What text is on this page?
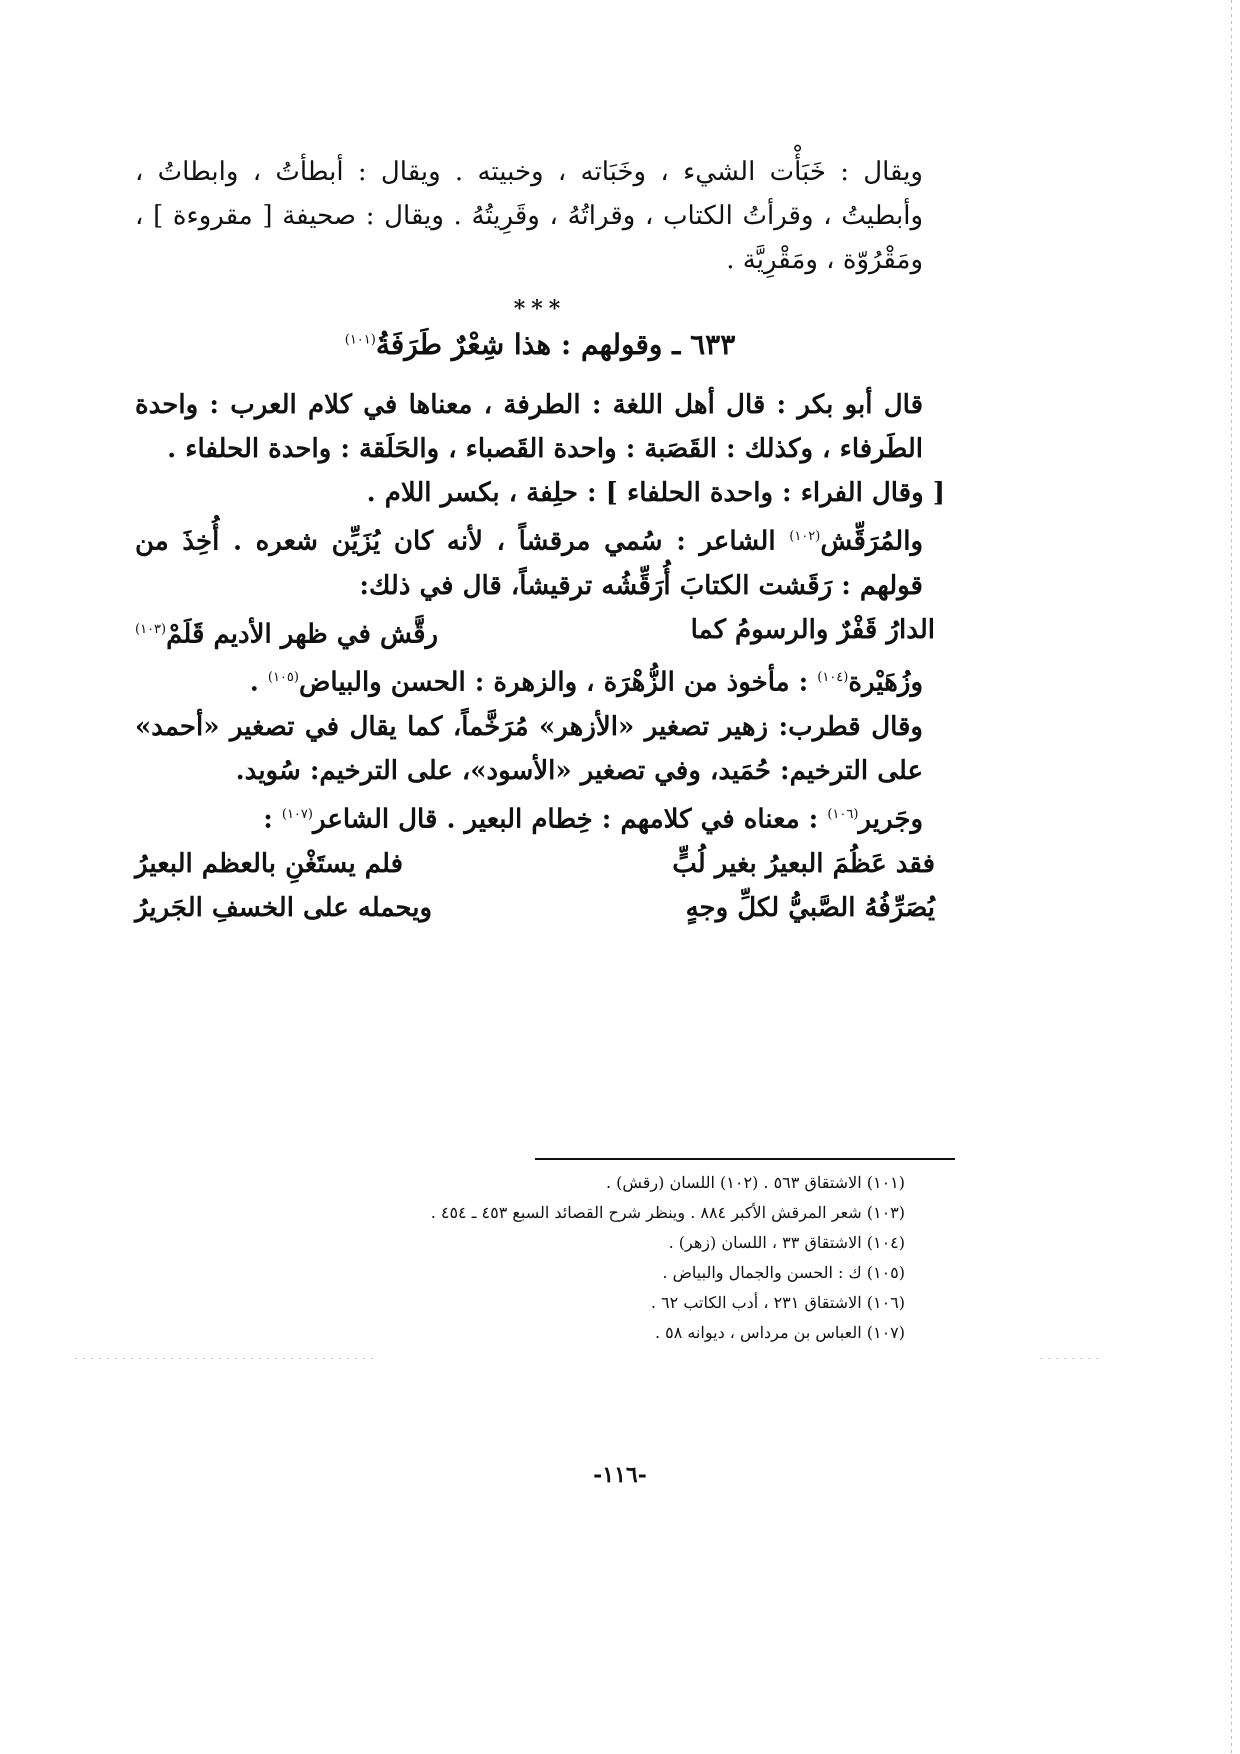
ويقال : خَبَأْت الشيء ، وخَبَاته ، وخبيته . ويقال : أبطأتُ ، وابطاتُ ، وأبطيتُ ، وقرأتُ الكتاب ، وقراتُهُ ، وقَرِيتُهُ . ويقال : صحيفة [ مقروءة ] ، ومَقْرُوّة ، ومَقْرِيَّة .

***
٦٣٣ ـ وقولهم : هذا شِعْرٌ طَرَفَةُ$^{(١٠١)}$

قال أبو بكر : قال أهل اللغة : الطرفة ، معناها في كلام العرب : واحدة الطَرفاء ، وكذلك : القَصَبة : واحدة القَصباء ، والحَلَقة : واحدة الحلفاء .

[ وقال الفراء : واحدة الحلفاء ] : حلِفة ، بكسر اللام .

والمُرَقِّش$^{(١٠٢)}$ الشاعر : سُمي مرقشاً ، لأنه كان يُزَيِّن شعره . أُخِذَ من قولهم : رَقَشت الكتابَ أُرَقِّشُه ترقيشاً، قال في ذلك:

الدارُ قَفْرٌ والرسومُ كما
رقَّش في ظهر الأديم قَلَمْ$^{(١٠٣)}$

وزُهَيْرة$^{(١٠٤)}$ : مأخوذ من الزُّهْرَة ، والزهرة : الحسن والبياض$^{(١٠٥)}$ .

وقال قطرب: زهير تصغير «الأزهر» مُرَخَّماً، كما يقال في تصغير «أحمد» على الترخيم: حُمَيد، وفي تصغير «الأسود»، على الترخيم: سُويد.

وجَرير$^{(١٠٦)}$ : معناه في كلامهم : خِطام البعير . قال الشاعر$^{(١٠٧)}$ :

فقد عَظُمَ البعيرُ بغير لُبٍّ
فلم يستَغْنِ بالعظم البعيرُ
يُصَرِّفُهُ الصَّبيُّ لكلِّ وجهٍ
ويحمله على الخسفِ الجَريرُ

(١٠١) الاشتقاق ٥٦٣ . (١٠٢) اللسان (رقش) .

(١٠٣) شعر المرقش الأكبر ٨٨٤ . وينظر شرح القصائد السبع ٤٥٣ ـ ٤٥٤ .

(١٠٤) الاشتقاق ٣٣ ، اللسان (زهر) .

(١٠٥) ك : الحسن والجمال والبياض .

(١٠٦) الاشتقاق ٢٣١ ، أدب الكاتب ٦٢ .

(١٠٧) العباس بن مرداس ، ديوانه ٥٨ .

-١١٦-
